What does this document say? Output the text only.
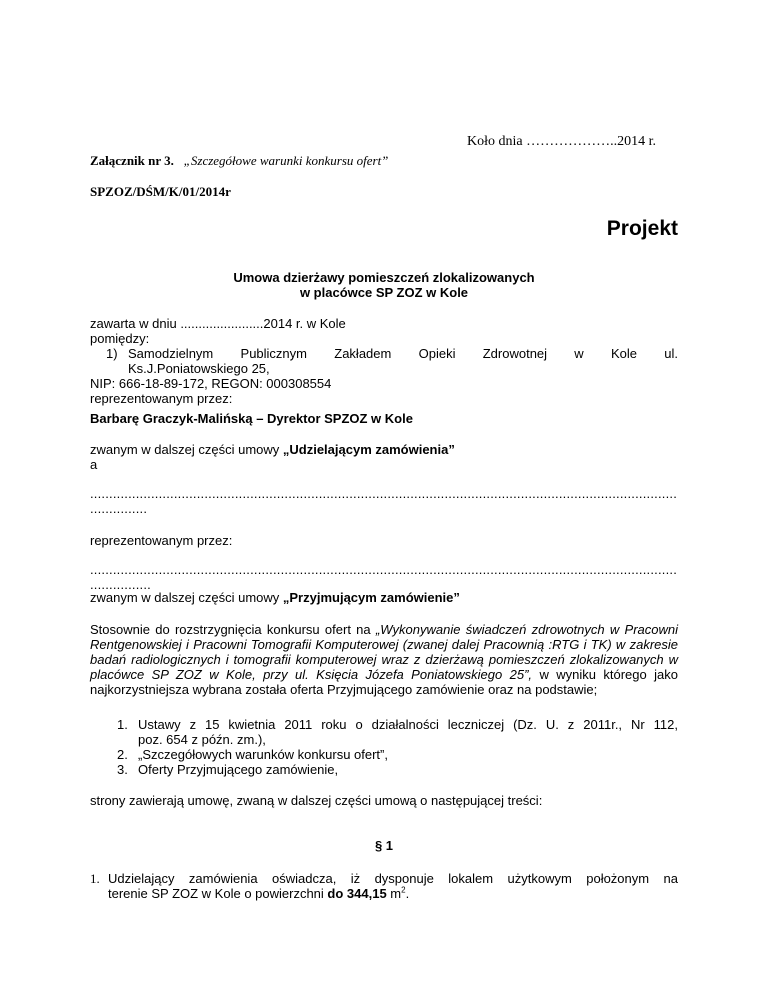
Koło dnia ………………..2014 r.
Załącznik nr 3. „Szczegółowe warunki konkursu ofert”
SPZOZ/DŚM/K/01/2014r
Projekt
Umowa dzierżawy pomieszczeń zlokalizowanych
w placówce SP ZOZ w Kole
zawarta w dniu .......................2014 r. w Kole
pomiędzy:
1) Samodzielnym Publicznym Zakładem Opieki Zdrowotnej w Kole ul.
Ks.J.Poniatowskiego 25,
NIP: 666-18-89-172, REGON: 000308554
reprezentowanym przez:
Barbarę Graczyk-Malińską – Dyrektor SPZOZ w Kole
zwanym w dalszej części umowy „Udzielającym zamówienia”
a
.....
...............
reprezentowanym przez:
.....
................
zwanym w dalszej części umowy „Przyjmującym zamówienie”
Stosownie do rozstrzygnięcia konkursu ofert na „Wykonywanie świadczeń zdrowotnych w Pracowni Rentgenowskiej i Pracowni Tomografii Komputerowej (zwanej dalej Pracownią :RTG i TK) w zakresie badań radiologicznych i tomografii komputerowej wraz z dzierżawą pomieszczeń zlokalizowanych w placówce SP ZOZ w Kole, przy ul. Księcia Józefa Poniatowskiego 25”, w wyniku którego jako najkorzystniejsza wybrana została oferta Przyjmującego zamówienie oraz na podstawie;
1. Ustawy z 15 kwietnia 2011 roku o działalności leczniczej (Dz. U. z 2011r., Nr 112,
poz. 654 z późn. zm.),
2. „Szczegółowych warunków konkursu ofert”,
3. Oferty Przyjmującego zamówienie,
strony zawierają umowę, zwaną w dalszej części umową o następującej treści:
§ 1
1. Udzielający zamówienia oświadcza, iż dysponuje lokalem użytkowym położonym na
terenie SP ZOZ w Kole o powierzchni do 344,15 $m^2$.
